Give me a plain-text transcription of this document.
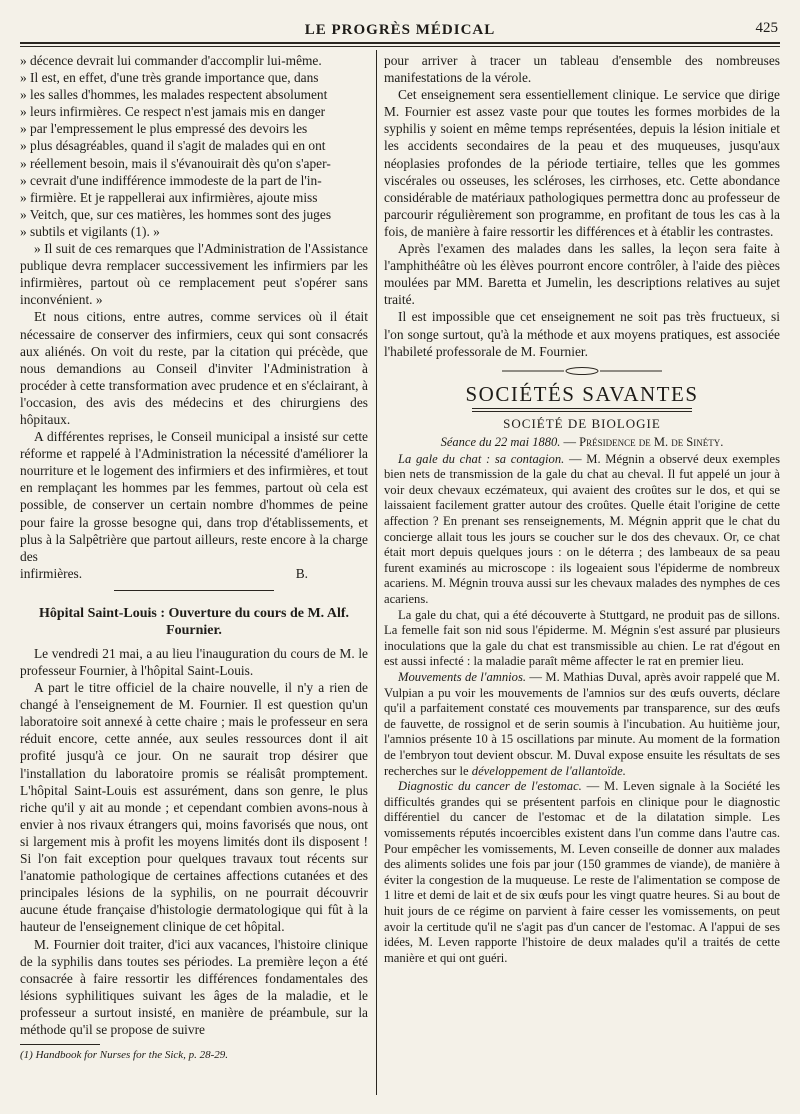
LE PROGRÈS MÉDICAL	425
» décence devrait lui commander d'accomplir lui-même.
» Il est, en effet, d'une très grande importance que, dans
» les salles d'hommes, les malades respectent absolument
» leurs infirmières. Ce respect n'est jamais mis en danger
» par l'empressement le plus empressé des devoirs les
» plus désagréables, quand il s'agit de malades qui en ont
» réellement besoin, mais il s'évanouirait dès qu'on s'aper-
» cevrait d'une indifférence immodeste de la part de l'in-
» firmière. Et je rappellerai aux infirmières, ajoute miss
» Veitch, que, sur ces matières, les hommes sont des juges
» subtils et vigilants (1). »

» Il suit de ces remarques que l'Administration de l'Assistance publique devra remplacer successivement les infirmiers par les infirmières, partout où ce remplacement peut s'opérer sans inconvénient. »

Et nous citions, entre autres, comme services où il était nécessaire de conserver des infirmiers, ceux qui sont consacrés aux aliénés. On voit du reste, par la citation qui précède, que nous demandions au Conseil d'inviter l'Administration à procéder à cette transformation avec prudence et en s'éclairant, à l'occasion, des avis des médecins et des chirurgiens des hôpitaux.

A différentes reprises, le Conseil municipal a insisté sur cette réforme et rappelé à l'Administration la nécessité d'améliorer la nourriture et le logement des infirmiers et des infirmières, et tout en remplaçant les hommes par les femmes, partout où cela est possible, de conserver un certain nombre d'hommes de peine pour faire la grosse besogne qui, dans trop d'établissements, et plus à la Salpêtrière que partout ailleurs, reste encore à la charge des

infirmières.	B.
Hôpital Saint-Louis : Ouverture du cours de M. Alf. Fournier.

Le vendredi 21 mai, a au lieu l'inauguration du cours de M. le professeur Fournier, à l'hôpital Saint-Louis.

A part le titre officiel de la chaire nouvelle, il n'y a rien de changé à l'enseignement de M. Fournier. Il est question qu'un laboratoire soit annexé à cette chaire ; mais le professeur en sera réduit encore, cette année, aux seules ressources dont il ait profité jusqu'à ce jour. On ne saurait trop désirer que l'installation du laboratoire promis se réalisât promptement. L'hôpital Saint-Louis est assurément, dans son genre, le plus riche qu'il y ait au monde ; et cependant combien avons-nous à envier à nos rivaux étrangers qui, moins favorisés que nous, ont si largement mis à profit les moyens limités dont ils disposent ! Si l'on fait exception pour quelques travaux tout récents sur l'anatomie pathologique de certaines affections cutanées et des principales lésions de la syphilis, on ne pourrait découvrir aucune étude française d'histologie dermatologique qui fût à la hauteur de l'enseignement clinique de cet hôpital.

M. Fournier doit traiter, d'ici aux vacances, l'histoire clinique de la syphilis dans toutes ses périodes. La première leçon a été consacrée à faire ressortir les différences fondamentales des lésions syphilitiques suivant les âges de la maladie, et le professeur a surtout insisté, en manière de préambule, sur la méthode qu'il se propose de suivre

(1) Handbook for Nurses for the Sick, p. 28-29.

pour arriver à tracer un tableau d'ensemble des nombreuses manifestations de la vérole.

Cet enseignement sera essentiellement clinique. Le service que dirige M. Fournier est assez vaste pour que toutes les formes morbides de la syphilis y soient en même temps représentées, depuis la lésion initiale et les accidents secondaires de la peau et des muqueuses, jusqu'aux néoplasies profondes de la période tertiaire, telles que les gommes viscérales ou osseuses, les scléroses, les cirrhoses, etc. Cette abondance considérable de matériaux pathologiques permettra donc au professeur de parcourir régulièrement son programme, en profitant de tous les cas à la fois, de manière à faire ressortir les différences et à établir les contrastes.

Après l'examen des malades dans les salles, la leçon sera faite à l'amphithéâtre où les élèves pourront encore contrôler, à l'aide des pièces moulées par MM. Baretta et Jumelin, les descriptions relatives au sujet traité.

Il est impossible que cet enseignement ne soit pas très fructueux, si l'on songe surtout, qu'à la méthode et aux moyens pratiques, est associée l'habileté professorale de M. Fournier.

SOCIÉTÉS SAVANTES
SOCIÉTÉ DE BIOLOGIE
Séance du 22 mai 1880. — Présidence de M. de Sinéty.

La gale du chat : sa contagion. — M. Mégnin a observé deux exemples bien nets de transmission de la gale du chat au cheval. Il fut appelé un jour à voir deux chevaux eczémateux, qui avaient des croûtes sur le dos, et qui se laissaient facilement gratter autour des croûtes. Quelle était l'origine de cette affection ? En prenant ses renseignements, M. Mégnin apprit que le chat du concierge allait tous les jours se coucher sur le dos des chevaux. Or, ce chat était mort depuis quelques jours : on le déterra ; des lambeaux de sa peau furent examinés au microscope : ils logeaient sous l'épiderme de nombreux acariens. M. Mégnin trouva aussi sur les chevaux malades des nymphes de ces acariens.

La gale du chat, qui a été découverte à Stuttgard, ne produit pas de sillons. La femelle fait son nid sous l'épiderme. M. Mégnin s'est assuré par plusieurs inoculations que la gale du chat est transmissible au chien. Le rat d'égout en est aussi infecté : la maladie paraît même affecter le rat en premier lieu.

Mouvements de l'amnios. — M. Mathias Duval, après avoir rappelé que M. Vulpian a pu voir les mouvements de l'amnios sur des œufs ouverts, déclare qu'il a parfaitement constaté ces mouvements par transparence, sur des œufs de fauvette, de rossignol et de serin soumis à l'incubation. Au huitième jour, l'amnios présente 10 à 15 oscillations par minute. Au moment de la formation de l'embryon tout devient obscur. M. Duval expose ensuite les résultats de ses recherches sur le développement de l'allantoïde.

Diagnostic du cancer de l'estomac. — M. Leven signale à la Société les difficultés grandes qui se présentent parfois en clinique pour le diagnostic différentiel du cancer de l'estomac et de la dilatation simple. Les vomissements réputés incoercibles existent dans l'un comme dans l'autre cas. Pour empêcher les vomissements, M. Leven conseille de donner aux malades des aliments solides une fois par jour (150 grammes de viande), de manière à éviter la congestion de la muqueuse. Le reste de l'alimentation se compose de 1 litre et demi de lait et de six œufs pour les vingt quatre heures. Si au bout de huit jours de ce régime on parvient à faire cesser les vomissements, on peut avoir la certitude qu'il ne s'agit pas d'un cancer de l'estomac. A l'appui de ses idées, M. Leven rapporte l'histoire de deux malades qu'il a traités de cette manière et qui ont guéri.
